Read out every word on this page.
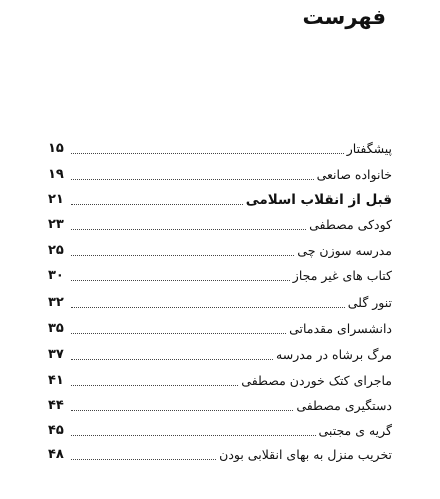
فهرست
پیشگفتار
۱۵
خانواده صانعی
۱۹
قبل از انقلاب اسلامی
۲۱
کودکی مصطفی
۲۳
مدرسه سوزن چی
۲۵
کتاب های غیر مجاز
۳۰
تنور گلی
۳۲
دانشسرای مقدماتی
۳۵
مرگ برشاه در مدرسه
۳۷
ماجرای کتک خوردن مصطفی
۴۱
دستگیری مصطفی
۴۴
گریه ی مجتبی
۴۵
تخریب منزل به بهای انقلابی بودن
۴۸
